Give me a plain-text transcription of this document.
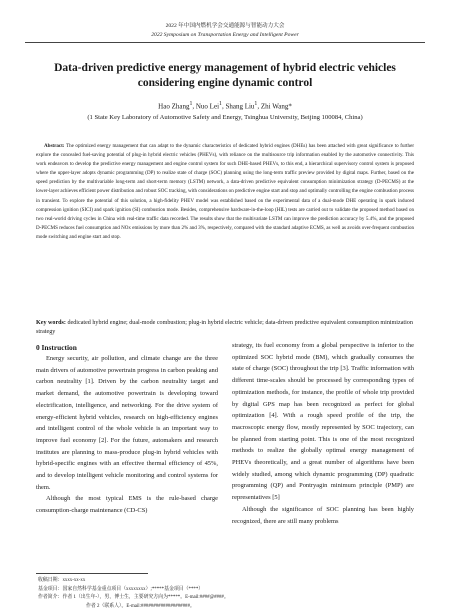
2022 年中国内燃机学会交通能源与智能动力大会
2022 Symposium on Transportation Energy and Intelligent Power
Data-driven predictive energy management of hybrid electric vehicles considering engine dynamic control
Hao Zhang$^1$, Nuo Lei$^1$, Shang Liu$^1$, Zhi Wang*
(1 State Key Laboratory of Automotive Safety and Energy, Tsinghua University, Beijing 100084, China)
Abstract: The optimized energy management that can adapt to the dynamic characteristics of dedicated hybrid engines (DHEs) has been attached with great significance to further explore the concealed fuel-saving potential of plug-in hybrid electric vehicles (PHEVs), with reliance on the multisource trip information enabled by the automotive connectivity. This work endeavors to develop the predictive energy management and engine control system for such DHE-based PHEVs, to this end, a hierarchical supervisory control system is proposed where the upper-layer adopts dynamic programming (DP) to realize state of charge (SOC) planning using the long-term traffic preview provided by digital maps. Further, based on the speed prediction by the multivariable long-term and short-term memory (LSTM) network, a data-driven predictive equivalent consumption minimization strategy (D-PECMS) at the lower-layer achieves efficient power distribution and robust SOC tracking, with considerations on predictive engine start and stop and optimally controlling the engine combustion process in transient. To explore the potential of this solution, a high-fidelity PHEV model was established based on the experimental data of a dual-mode DHE operating in spark induced compression ignition (SICI) and spark ignition (SI) combustion mode. Besides, comprehensive hardware-in-the-loop (HIL) tests are carried out to validate the proposed method based on two real-world driving cycles in China with real-time traffic data recorded. The results show that the multivariate LSTM can improve the prediction accuracy by 5.4%, and the proposed D-PECMS reduces fuel consumption and NOx emissions by more than 2% and 3%, respectively, compared with the standard adaptive ECMS, as well as avoids over-frequent combustion mode switching and engine start and stop.
Key words: dedicated hybrid engine; dual-mode combustion; plug-in hybrid electric vehicle; data-driven predictive equivalent consumption minimization strategy
0 Instruction

Energy security, air pollution, and climate change are the three main drivers of automotive powertrain progress in carbon peaking and carbon neutrality [1]. Driven by the carbon neutrality target and market demand, the automotive powertrain is developing toward electrification, intelligence, and networking. For the drive system of energy-efficient hybrid vehicles, research on high-efficiency engines and intelligent control of the whole vehicle is an important way to improve fuel economy [2]. For the future, automakers and research institutes are planning to mass-produce plug-in hybrid vehicles with hybrid-specific engines with an effective thermal efficiency of 45%, and to develop intelligent vehicle monitoring and control systems for them.

Although the most typical EMS is the rule-based charge consumption-charge maintenance (CD-CS)

strategy, its fuel economy from a global perspective is inferior to the optimized SOC hybrid mode (BM), which gradually consumes the state of charge (SOC) throughout the trip [3]. Traffic information with different time-scales should be processed by corresponding types of optimization methods, for instance, the profile of whole trip provided by digital GPS map has been recognized as perfect for global optimization [4]. With a rough speed profile of the trip, the macroscopic energy flow, mostly represented by SOC trajectory, can be planned from starting point. This is one of the most recognized methods to realize the globally optimal energy management of PHEVs theoretically, and a great number of algorithms have been widely studied, among which dynamic programming (DP) quadratic programming (QP) and Pontryagin minimum principle (PMP) are representatives [5]

Although the significance of SOC planning has been highly recognized, there are still many problems

收稿日期：xxxx-xx-xx
基金项目：国家自然科学基金重点项目（xxxxxxxx）;*****基金项目（****）
作者简介：作者 1（出生年-），男，博士生，主要研究方向为*****。E-mail:####@####。
作者 2（联系人）。E-mail:####################。
